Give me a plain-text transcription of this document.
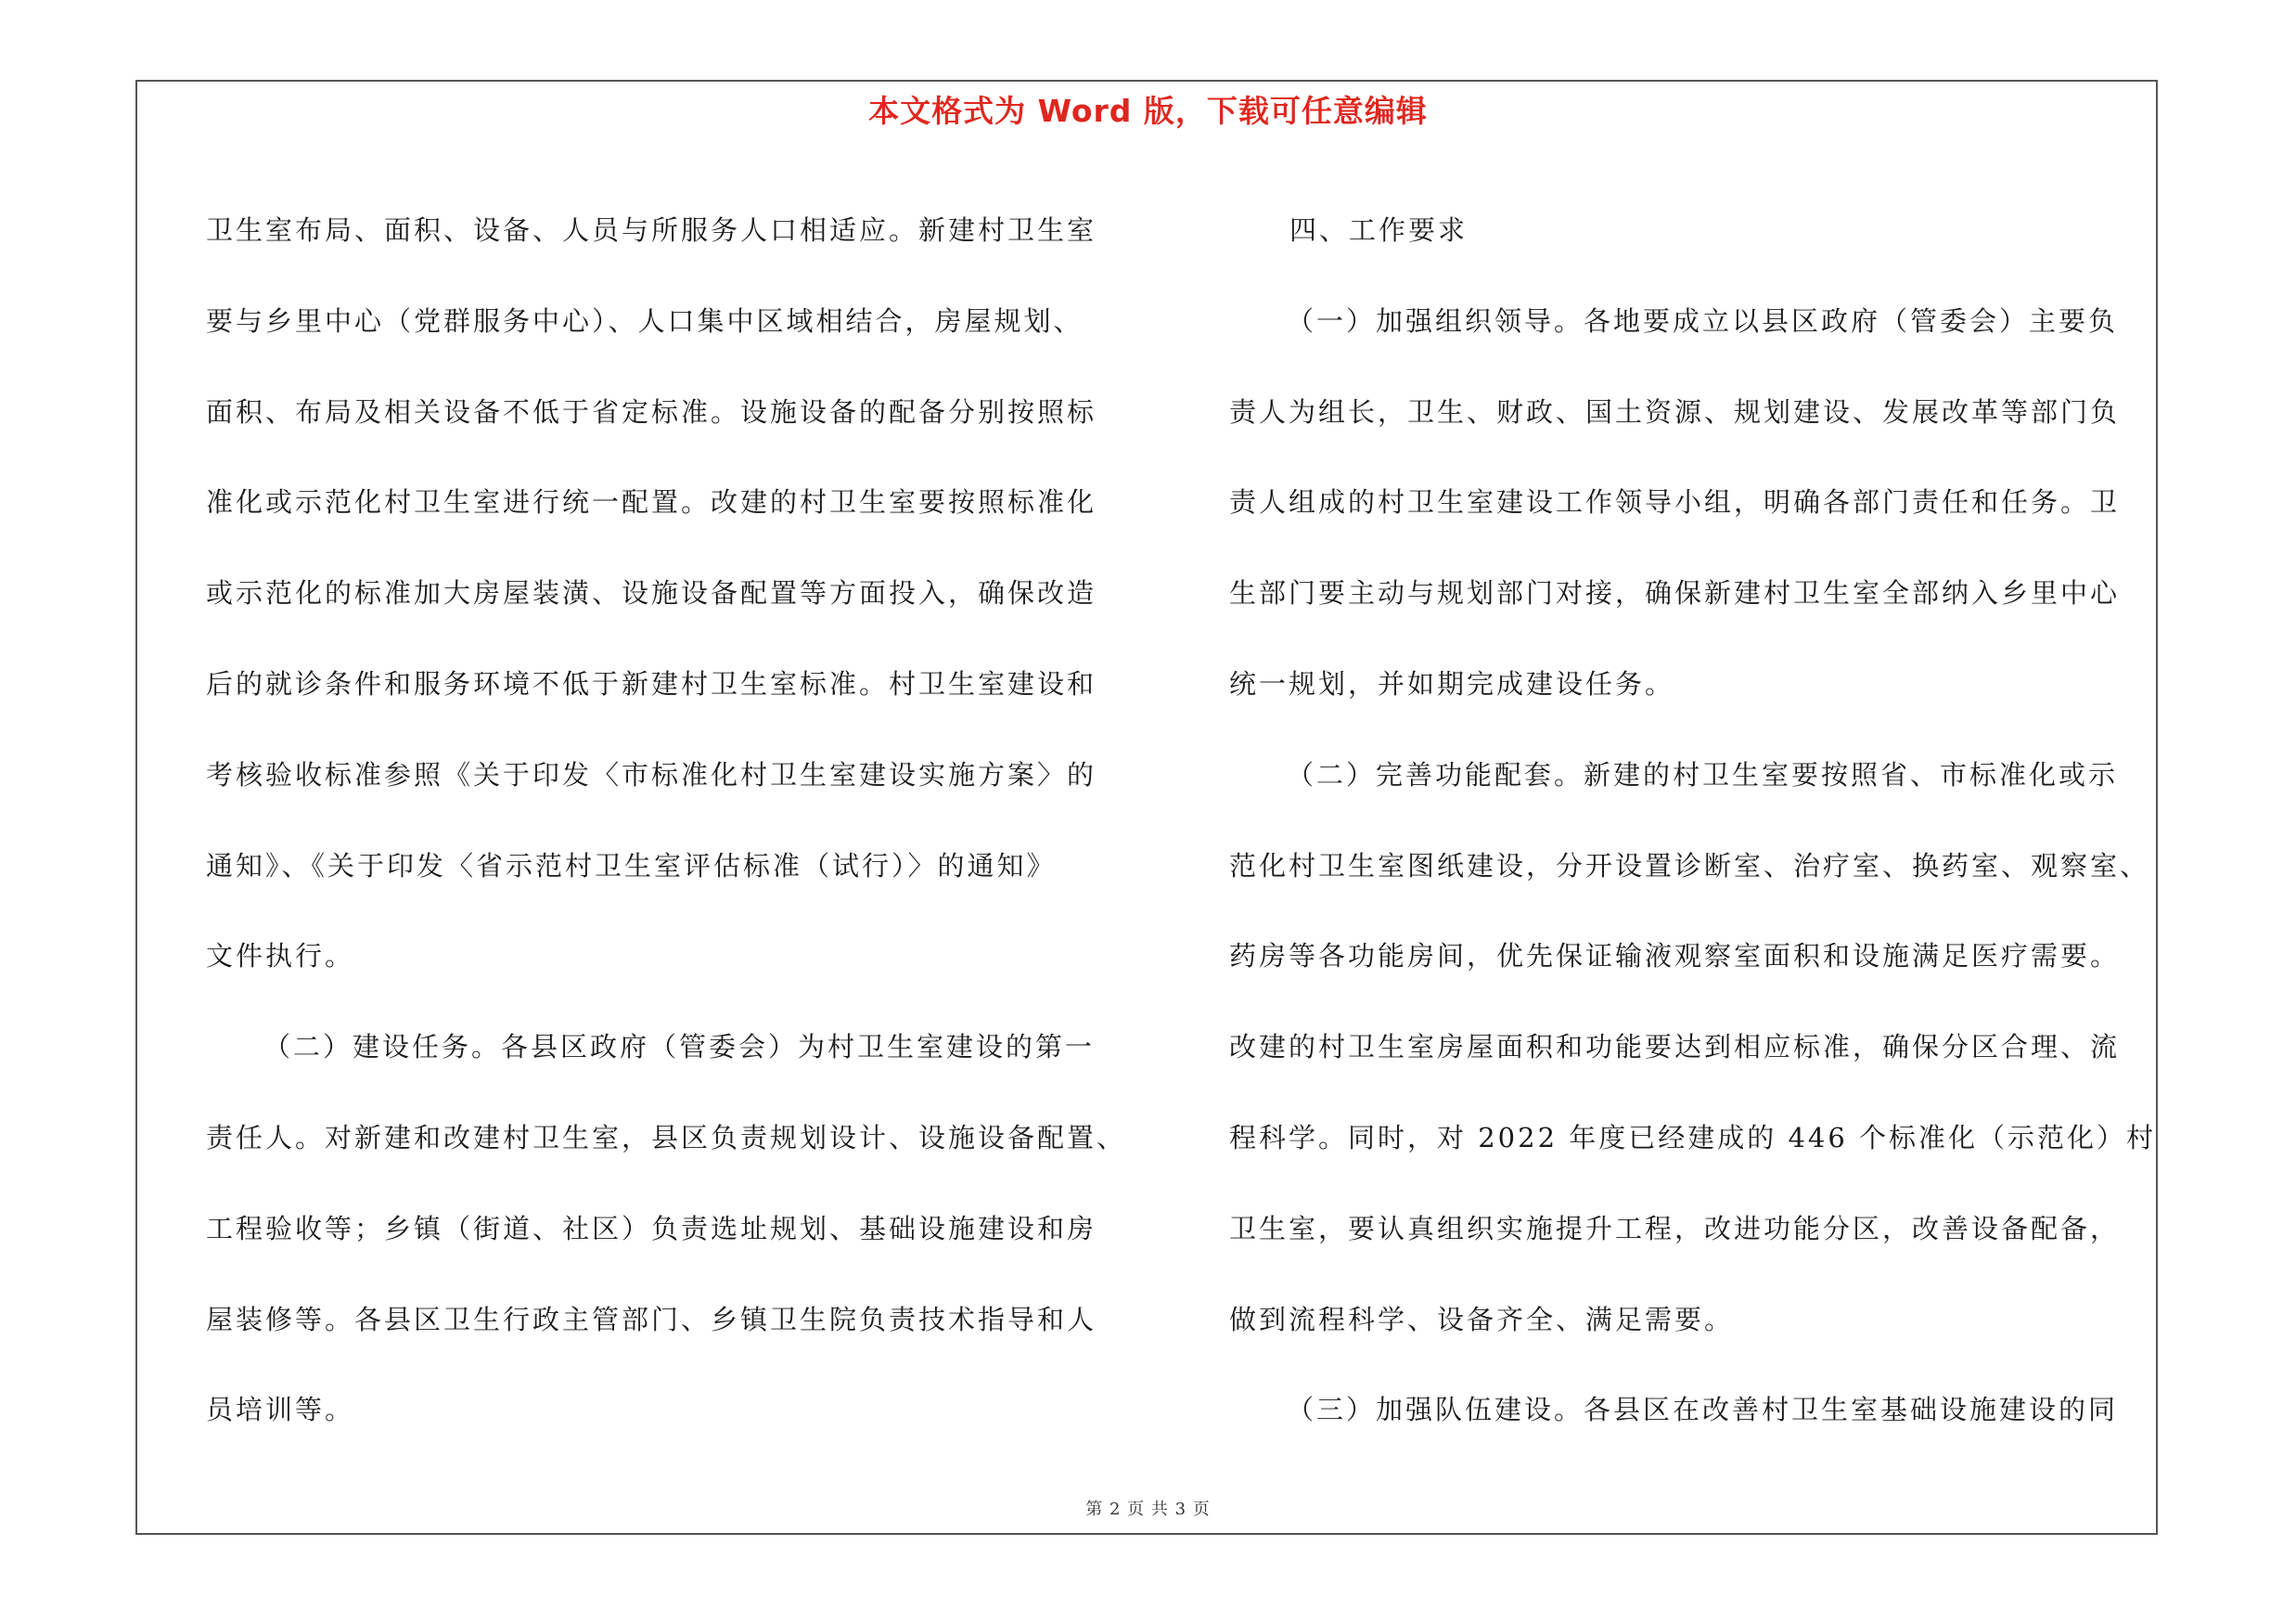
本文格式为 Word 版，下载可任意编辑
卫生室布局、面积、设备、人员与所服务人口相适应。新建村卫生室
要与乡里中心（党群服务中心）、人口集中区域相结合，房屋规划、
面积、布局及相关设备不低于省定标准。设施设备的配备分别按照标
准化或示范化村卫生室进行统一配置。改建的村卫生室要按照标准化
或示范化的标准加大房屋装潢、设施设备配置等方面投入，确保改造
后的就诊条件和服务环境不低于新建村卫生室标准。村卫生室建设和
考核验收标准参照《关于印发〈市标准化村卫生室建设实施方案〉的
通知》、《关于印发〈省示范村卫生室评估标准（试行）〉的通知》
文件执行。
（二）建设任务。各县区政府（管委会）为村卫生室建设的第一
责任人。对新建和改建村卫生室，县区负责规划设计、设施设备配置、
工程验收等；乡镇（街道、社区）负责选址规划、基础设施建设和房
屋装修等。各县区卫生行政主管部门、乡镇卫生院负责技术指导和人
员培训等。
四、工作要求
（一）加强组织领导。各地要成立以县区政府（管委会）主要负
责人为组长，卫生、财政、国土资源、规划建设、发展改革等部门负
责人组成的村卫生室建设工作领导小组，明确各部门责任和任务。卫
生部门要主动与规划部门对接，确保新建村卫生室全部纳入乡里中心
统一规划，并如期完成建设任务。
（二）完善功能配套。新建的村卫生室要按照省、市标准化或示
范化村卫生室图纸建设，分开设置诊断室、治疗室、换药室、观察室、
药房等各功能房间，优先保证输液观察室面积和设施满足医疗需要。
改建的村卫生室房屋面积和功能要达到相应标准，确保分区合理、流
程科学。同时，对 2022 年度已经建成的 446 个标准化（示范化）村
卫生室，要认真组织实施提升工程，改进功能分区，改善设备配备，
做到流程科学、设备齐全、满足需要。
（三）加强队伍建设。各县区在改善村卫生室基础设施建设的同
第 2 页 共 3 页
